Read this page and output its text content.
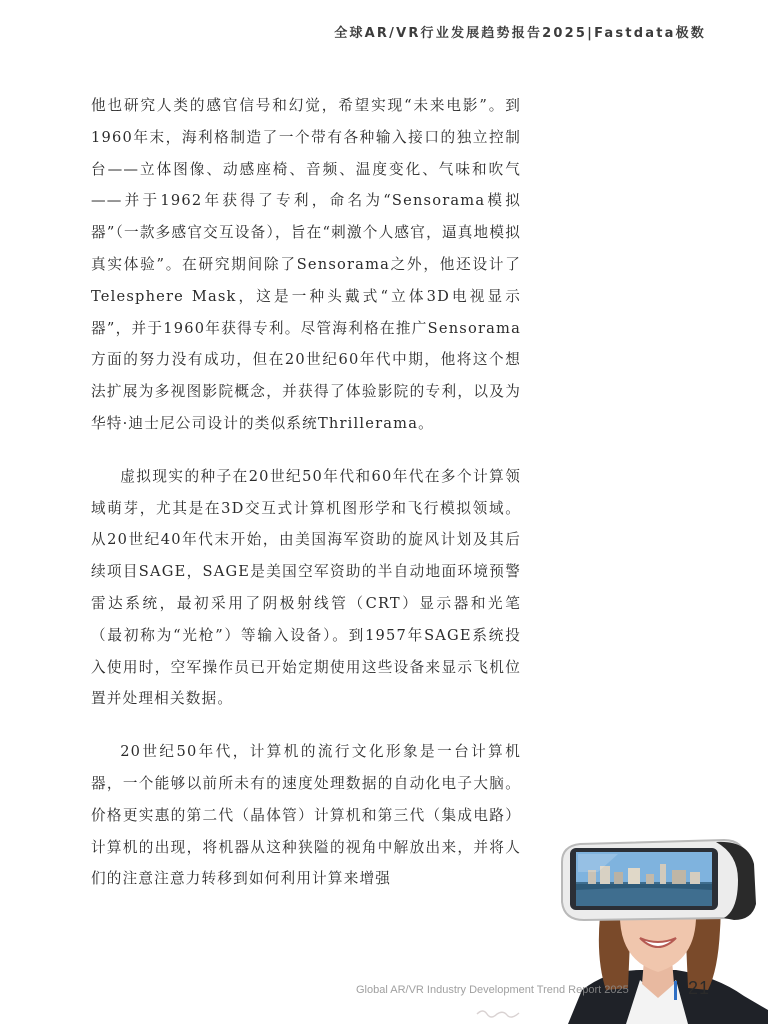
全球AR/VR行业发展趋势报告2025|Fastdata极数

他也研究人类的感官信号和幻觉，希望实现“未来电影”。到1960年末，海利格制造了一个带有各种输入接口的独立控制台——立体图像、动感座椅、音频、温度变化、气味和吹气——并于1962年获得了专利，命名为“Sensorama模拟器”（一款多感官交互设备），旨在“刺激个人感官，逼真地模拟真实体验”。在研究期间除了Sensorama之外，他还设计了Telesphere Mask，这是一种头戴式“立体3D电视显示器”，并于1960年获得专利。尽管海利格在推广Sensorama方面的努力没有成功，但在20世纪60年代中期，他将这个想法扩展为多视图影院概念，并获得了体验影院的专利，以及为华特·迪士尼公司设计的类似系统Thrillerama。

虚拟现实的种子在20世纪50年代和60年代在多个计算领域萌芽，尤其是在3D交互式计算机图形学和飞行模拟领域。从20世纪40年代末开始，由美国海军资助的旋风计划及其后续项目SAGE，SAGE是美国空军资助的半自动地面环境预警雷达系统，最初采用了阴极射线管（CRT）显示器和光笔（最初称为“光枪”）等输入设备）。到1957年SAGE系统投入使用时，空军操作员已开始定期使用这些设备来显示飞机位置并处理相关数据。

20世纪50年代，计算机的流行文化形象是一台计算机器，一个能够以前所未有的速度处理数据的自动化电子大脑。价格更实惠的第二代（晶体管）计算机和第三代（集成电路）计算机的出现，将机器从这种狭隘的视角中解放出来，并将人们的注意注意力转移到如何利用计算来增强

Global AR/VR Industry Development Trend Report 2025	21
